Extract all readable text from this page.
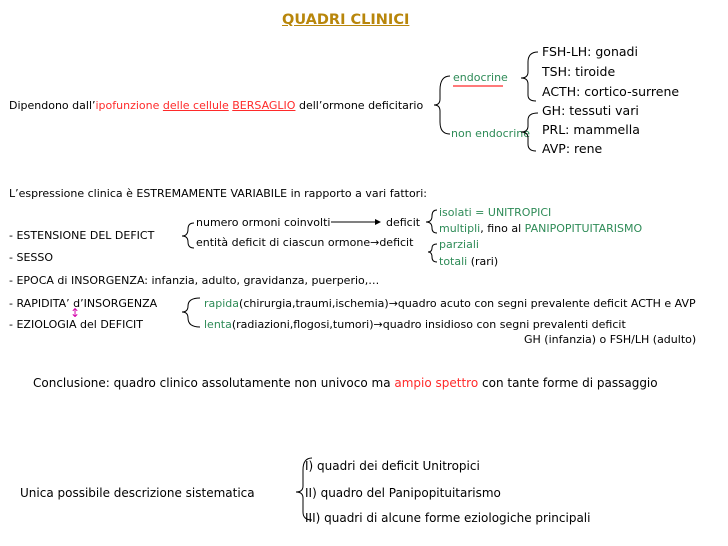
QUADRI CLINICI
Dipendono dall’ipofunzione delle cellule BERSAGLIO dell’ormone deficitario
endocrine
non endocrine
FSH-LH: gonadi
TSH: tiroide
ACTH: cortico-surrene
GH: tessuti vari
PRL: mammella
AVP: rene
L’espressione clinica è ESTREMAMENTE VARIABILE in rapporto a vari fattori:
numero ormoni coinvolti	deficit
entità deficit di ciascun ormone→deficit
isolati = UNITROPICI
multipli, fino al PANIPOPITUITARISMO
parziali
totali (rari)
- ESTENSIONE DEL DEFICT
- SESSO
- EPOCA di INSORGENZA: infanzia, adulto, gravidanza, puerperio,…
- RAPIDITA’ d’INSORGENZA
↕
- EZIOLOGIA del DEFICIT
rapida(chirurgia,traumi,ischemia)→quadro acuto con segni prevalente deficit ACTH e AVP
lenta(radiazioni,flogosi,tumori)→quadro insidioso con segni prevalenti deficit
GH (infanzia) o FSH/LH (adulto)
Conclusione: quadro clinico assolutamente non univoco ma ampio spettro con tante forme di passaggio
Unica possibile descrizione sistematica
I) quadri dei deficit Unitropici
II) quadro del Panipopituitarismo
III) quadri di alcune forme eziologiche principali
